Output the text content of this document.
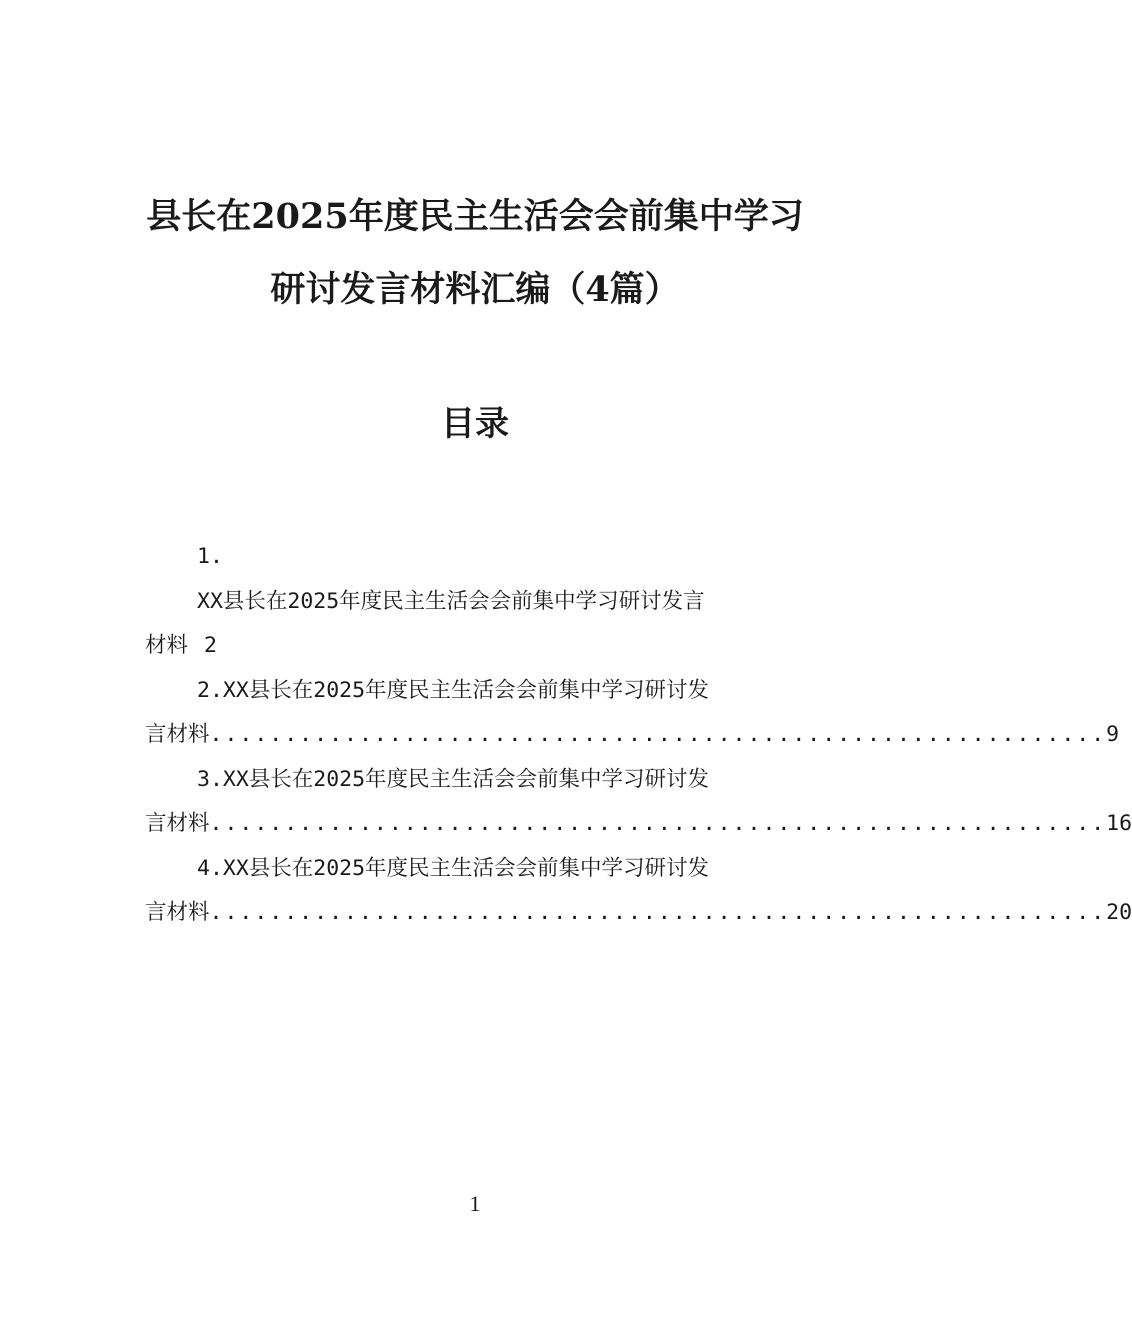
县长在2025年度民主生活会会前集中学习
研讨发言材料汇编（4篇）
目录
1.
XX县长在2025年度民主生活会会前集中学习研讨发言
材料 2
2.XX县长在2025年度民主生活会会前集中学习研讨发
言材料 ............................................................ 9
3.XX县长在2025年度民主生活会会前集中学习研讨发
言材料 ............................................................ 16
4.XX县长在2025年度民主生活会会前集中学习研讨发
言材料 ............................................................ 20
1
